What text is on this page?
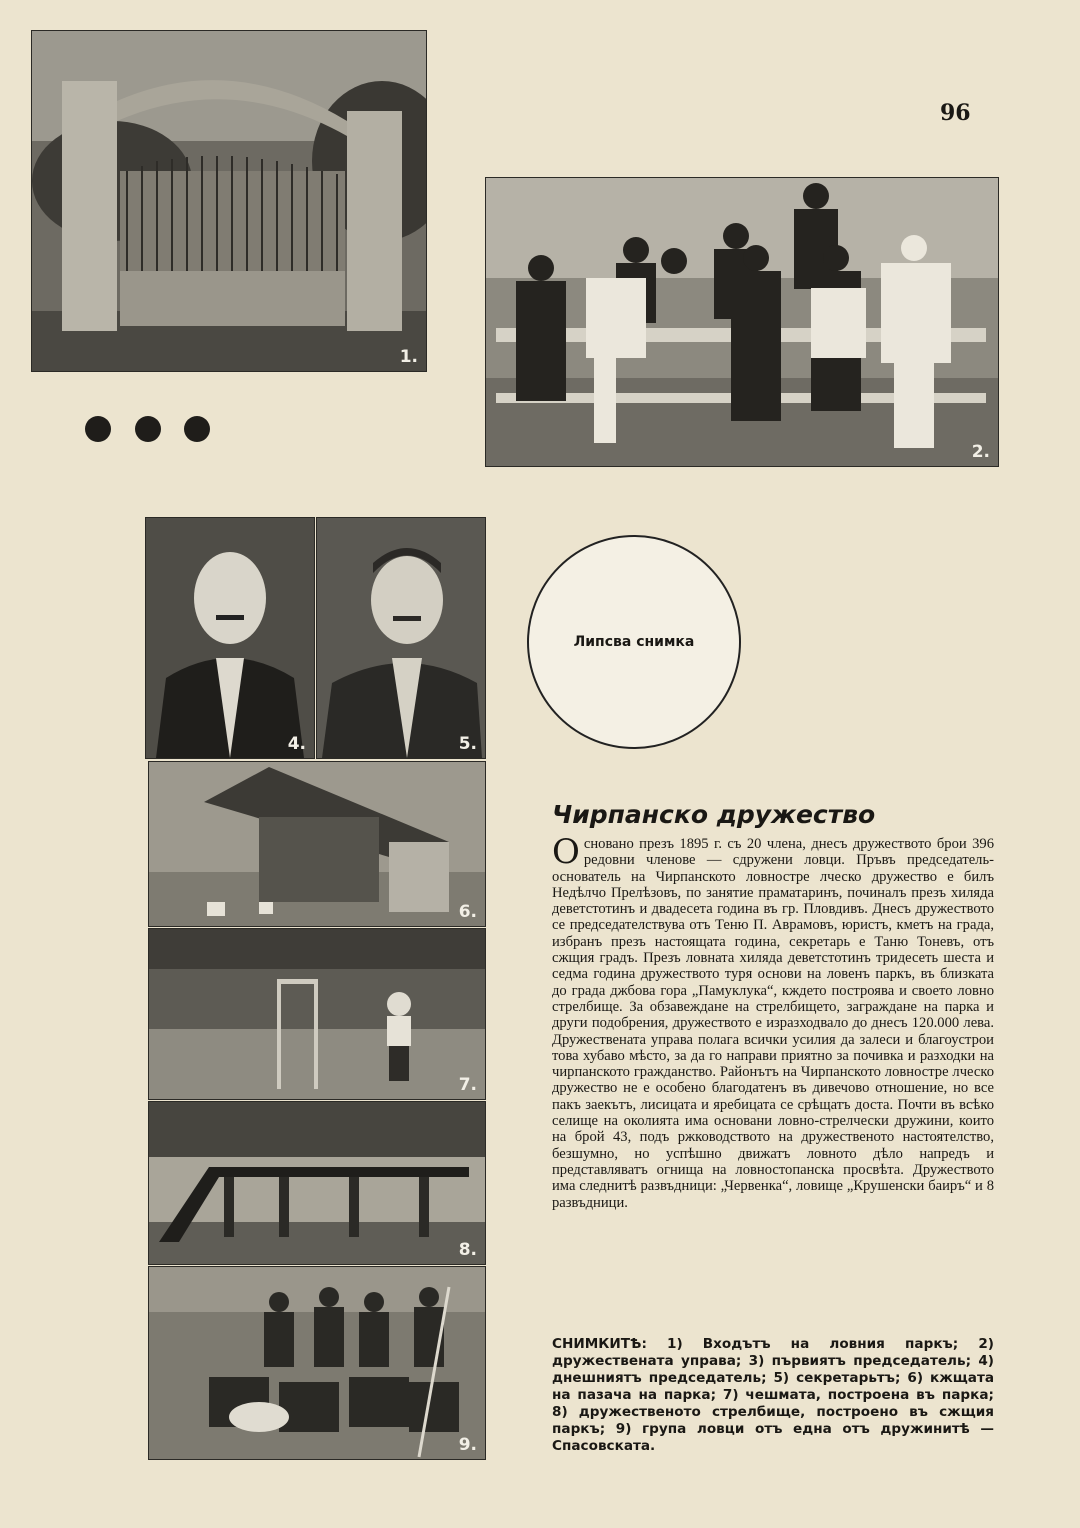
96
1.
2.
4.	5.
Липсва снимка
6.
7.
8.
9.
Чирпанско дружество

Основано презъ 1895 г. съ 20 члена, днесъ дружеството брои 396 редовни членове — сдружени ловци. Пръвъ председатель-основатель на Чирпанското ловностре лческо дружество е билъ Недѣлчо Прелѣзовъ, по занятие праматаринъ, починалъ презъ хиляда деветстотинъ и двадесета година въ гр. Пловдивъ. Днесъ дружеството се председателствува отъ Теню П. Аврамовъ, юристъ, кметъ на града, избранъ презъ настоящата година, секретарь е Таню Тоневъ, отъ сжщия градъ. Презъ ловната хиляда деветстотинъ тридесеть шеста и седма година дружеството туря основи на ловенъ паркъ, въ близката до града джбова гора „Памуклука“, кждето построява и своето ловно стрелбище. За обзавеждане на стрелбището, заграждане на парка и други подобрения, дружеството е изразходвало до днесъ 120.000 лева. Дружествената управа полага всички усилия да залеси и благоустрои това хубаво мѣсто, за да го направи приятно за почивка и разходки на чирпанското гражданство. Районътъ на Чирпанското ловностре лческо дружество не е особено благодатенъ въ дивечово отношение, но все пакъ заекътъ, лисицата и яребицата се срѣщатъ доста. Почти въ всѣко селище на околията има основани ловно-стрелчески дружини, които на брой 43, подъ ржководството на дружественото настоятелство, безшумно, но успѣшно движатъ ловното дѣло напредъ и представляватъ огнища на ловностопанска просвѣта. Дружеството има следнитѣ развъдници: „Червенка“, ловище „Крушенски баиръ“ и 8 развъдници.

СНИМКИТѢ: 1) Входътъ на ловния паркъ; 2) дружествената управа; 3) първиятъ председатель; 4) днешниятъ председатель; 5) секретарьтъ; 6) кжщата на пазача на парка; 7) чешмата, построена въ парка; 8) дружественото стрелбище, построено въ сжщия паркъ; 9) група ловци отъ една отъ дружинитѣ — Спасовската.
